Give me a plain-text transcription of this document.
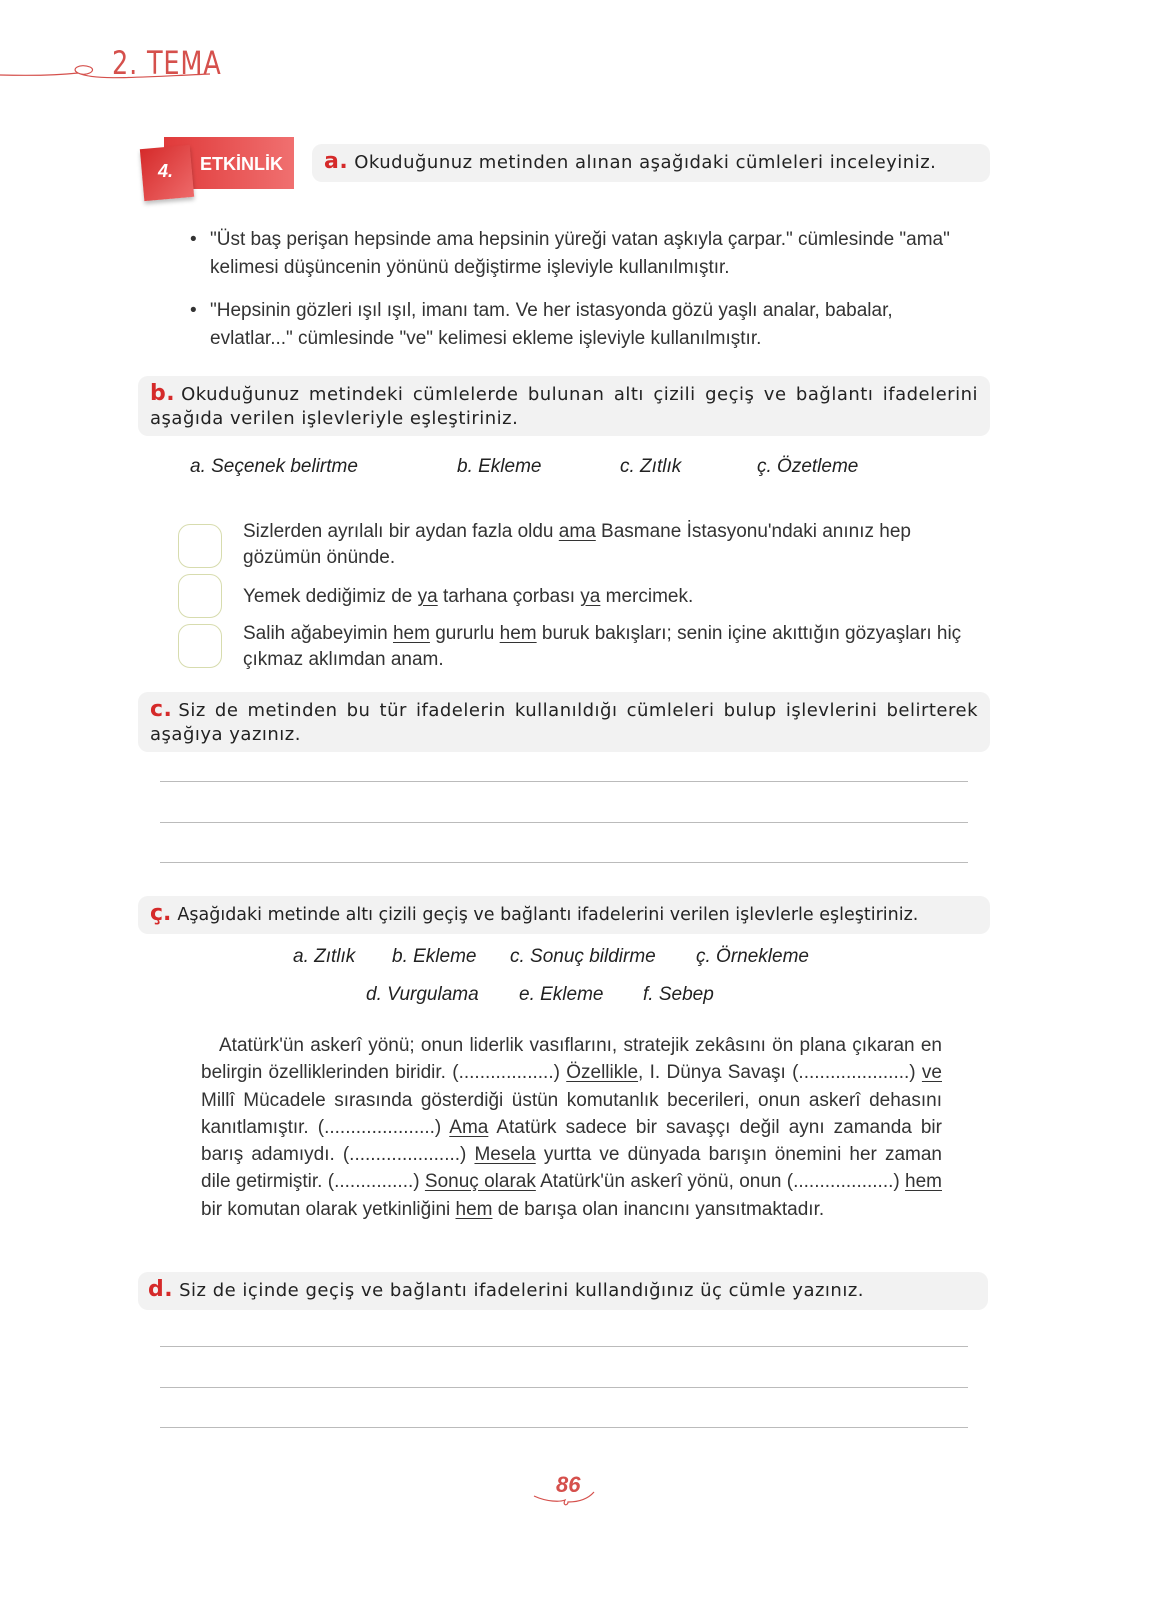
2. TEMA
4. ETKİNLİK	a. Okuduğunuz metinden alınan aşağıdaki cümleleri inceleyiniz.
• "Üst baş perişan hepsinde ama hepsinin yüreği vatan aşkıyla çarpar." cümlesinde "ama" kelimesi düşüncenin yönünü değiştirme işleviyle kullanılmıştır.
• "Hepsinin gözleri ışıl ışıl, imanı tam. Ve her istasyonda gözü yaşlı analar, babalar, evlatlar..." cümlesinde "ve" kelimesi ekleme işleviyle kullanılmıştır.
b. Okuduğunuz metindeki cümlelerde bulunan altı çizili geçiş ve bağlantı ifadelerini aşağıda verilen işlevleriyle eşleştiriniz.
a. Seçenek belirtme	b. Ekleme	c. Zıtlık	ç. Özetleme
Sizlerden ayrılalı bir aydan fazla oldu ama Basmane İstasyonu'ndaki anınız hep gözümün önünde.
Yemek dediğimiz de ya tarhana çorbası ya mercimek.
Salih ağabeyimin hem gururlu hem buruk bakışları; senin içine akıttığın gözyaşları hiç çıkmaz aklımdan anam.
c. Siz de metinden bu tür ifadelerin kullanıldığı cümleleri bulup işlevlerini belirterek aşağıya yazınız.
ç. Aşağıdaki metinde altı çizili geçiş ve bağlantı ifadelerini verilen işlevlerle eşleştiriniz.
a. Zıtlık b. Ekleme c. Sonuç bildirme ç. Örnekleme
d. Vurgulama e. Ekleme f. Sebep
Atatürk'ün askerî yönü; onun liderlik vasıflarını, stratejik zekâsını ön plana çıkaran en belirgin özelliklerinden biridir. (..................) Özellikle, I. Dünya Savaşı (.....................) ve Millî Mücadele sırasında gösterdiği üstün komutanlık becerileri, onun askerî dehasını kanıtlamıştır. (.....................) Ama Atatürk sadece bir savaşçı değil aynı zamanda bir barış adamıydı. (.....................) Mesela yurtta ve dünyada barışın önemini her zaman dile getirmiştir. (...............) Sonuç olarak Atatürk'ün askerî yönü, onun (...................) hem bir komutan olarak yetkinliğini hem de barışa olan inancını yansıtmaktadır.
d. Siz de içinde geçiş ve bağlantı ifadelerini kullandığınız üç cümle yazınız.
86
